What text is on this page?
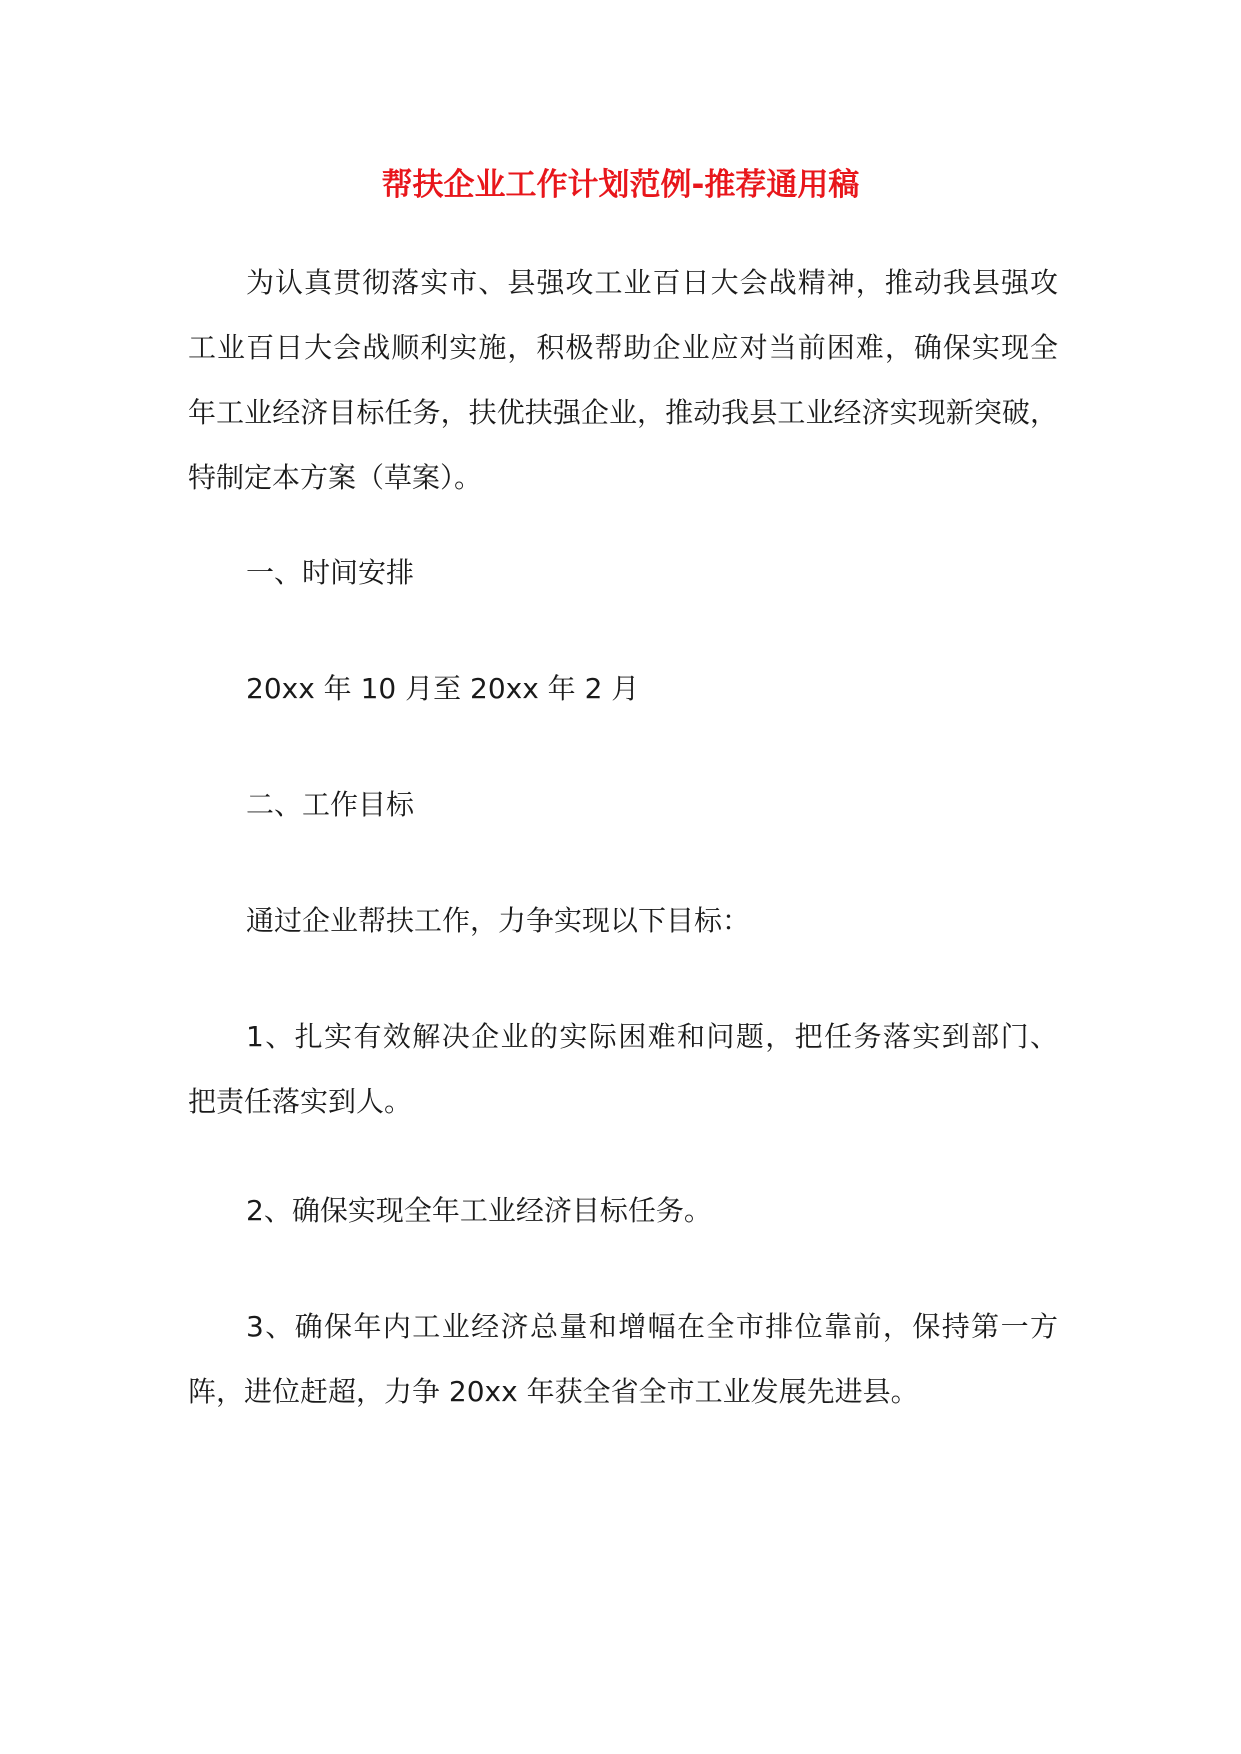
帮扶企业工作计划范例-推荐通用稿
为认真贯彻落实市、县强攻工业百日大会战精神，推动我县强攻
工业百日大会战顺利实施，积极帮助企业应对当前困难，确保实现全
年工业经济目标任务，扶优扶强企业，推动我县工业经济实现新突破，
特制定本方案（草案）。
一、时间安排
20xx 年 10 月至 20xx 年 2 月
二、工作目标
通过企业帮扶工作，力争实现以下目标：
1、扎实有效解决企业的实际困难和问题，把任务落实到部门、
把责任落实到人。
2、确保实现全年工业经济目标任务。
3、确保年内工业经济总量和增幅在全市排位靠前，保持第一方
阵，进位赶超，力争 20xx 年获全省全市工业发展先进县。
